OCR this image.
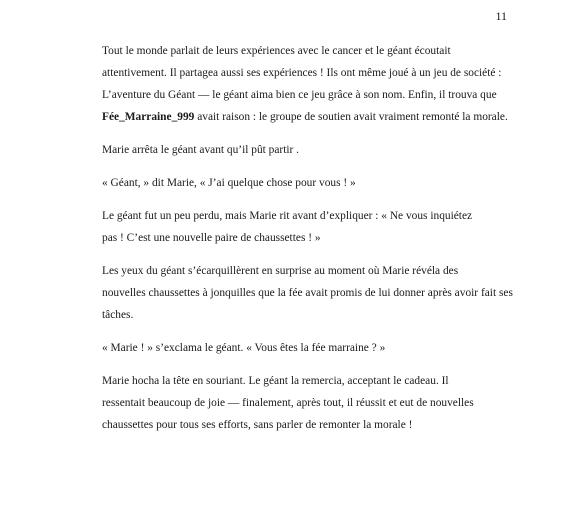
11

Tout le monde parlait de leurs expériences avec le cancer et le géant écoutait
attentivement. Il partagea aussi ses expériences ! Ils ont même joué à un jeu de société :
L’aventure du Géant — le géant aima bien ce jeu grâce à son nom. Enfin, il trouva que
Fée_Marraine_999 avait raison : le groupe de soutien avait vraiment remonté la morale.

Marie arrêta le géant avant qu’il pût partir .

« Géant, » dit Marie, « J’ai quelque chose pour vous ! »

Le géant fut un peu perdu, mais Marie rit avant d’expliquer : « Ne vous inquiétez
pas ! C’est une nouvelle paire de chaussettes ! »

Les yeux du géant s’écarquillèrent en surprise au moment où Marie révéla des
nouvelles chaussettes à jonquilles que la fée avait promis de lui donner après avoir fait ses
tâches.

« Marie ! » s’exclama le géant. « Vous êtes la fée marraine ? »

Marie hocha la tête en souriant. Le géant la remercia, acceptant le cadeau. Il
ressentait beaucoup de joie — finalement, après tout, il réussit et eut de nouvelles
chaussettes pour tous ses efforts, sans parler de remonter la morale !
